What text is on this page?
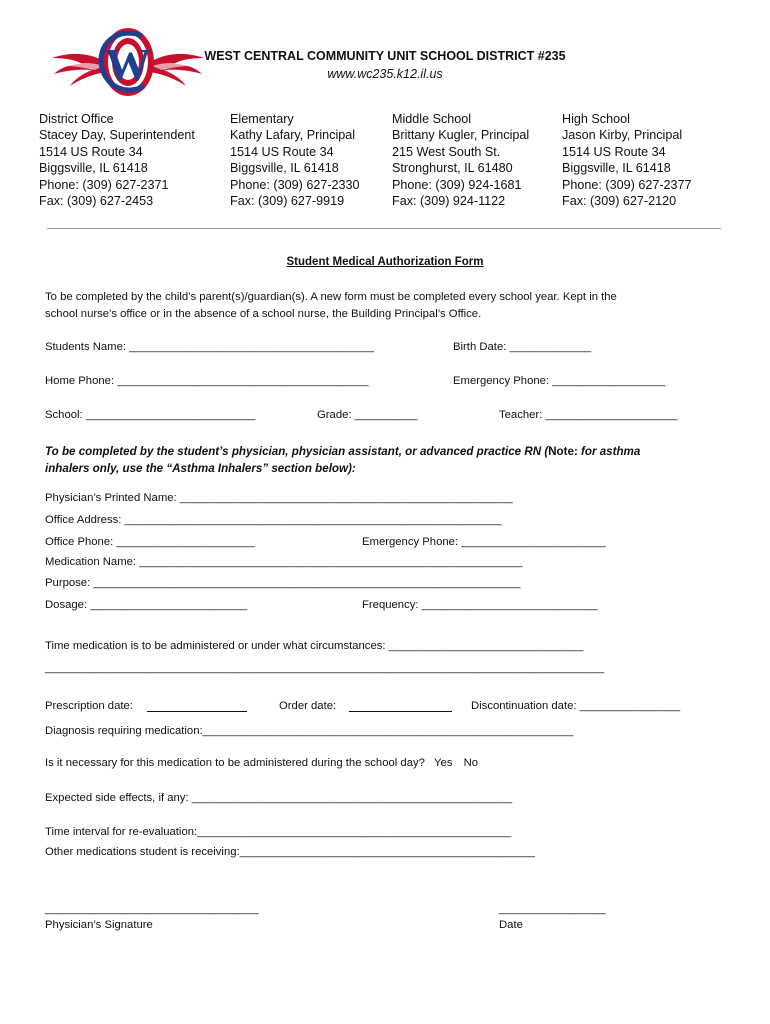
W	WEST CENTRAL COMMUNITY UNIT SCHOOL DISTRICT #235
www.wc235.k12.il.us
District Office
Stacey Day, Superintendent
1514 US Route 34
Biggsville, IL 61418
Phone: (309) 627-2371
Fax: (309) 627-2453
Elementary
Kathy Lafary, Principal
1514 US Route 34
Biggsville, IL 61418
Phone: (309) 627-2330
Fax: (309) 627-9919
Middle School
Brittany Kugler, Principal
215 West South St.
Stronghurst, IL 61480
Phone: (309) 924-1681
Fax: (309) 924-1122
High School
Jason Kirby, Principal
1514 US Route 34
Biggsville, IL 61418
Phone: (309) 627-2377
Fax: (309) 627-2120
Student Medical Authorization Form
To be completed by the child’s parent(s)/guardian(s). A new form must be completed every school year. Kept in the
school nurse’s office or in the absence of a school nurse, the Building Principal’s Office.
Students Name: _______________________________________	Birth Date: _____________
Home Phone: ________________________________________	Emergency Phone: __________________
School: ___________________________	Grade: __________	Teacher: _____________________
To be completed by the student’s physician, physician assistant, or advanced practice RN (Note: for asthma
inhalers only, use the “Asthma Inhalers” section below):
Physician’s Printed Name: _____________________________________________________
Office Address: ____________________________________________________________
Office Phone: ______________________	Emergency Phone: _______________________
Medication Name: _____________________________________________________________
Purpose: ____________________________________________________________________
Dosage: _________________________	Frequency: ____________________________
Time medication is to be administered or under what circumstances: _______________________________
_________________________________________________________________________________________
Prescription date:	Order date:	Discontinuation date: ________________
Diagnosis requiring medication:___________________________________________________________
Is it necessary for this medication to be administered during the school day? Yes No
Expected side effects, if any: ___________________________________________________
Time interval for re-evaluation:__________________________________________________
Other medications student is receiving:_______________________________________________
__________________________________	_________________
Physician’s Signature	Date
